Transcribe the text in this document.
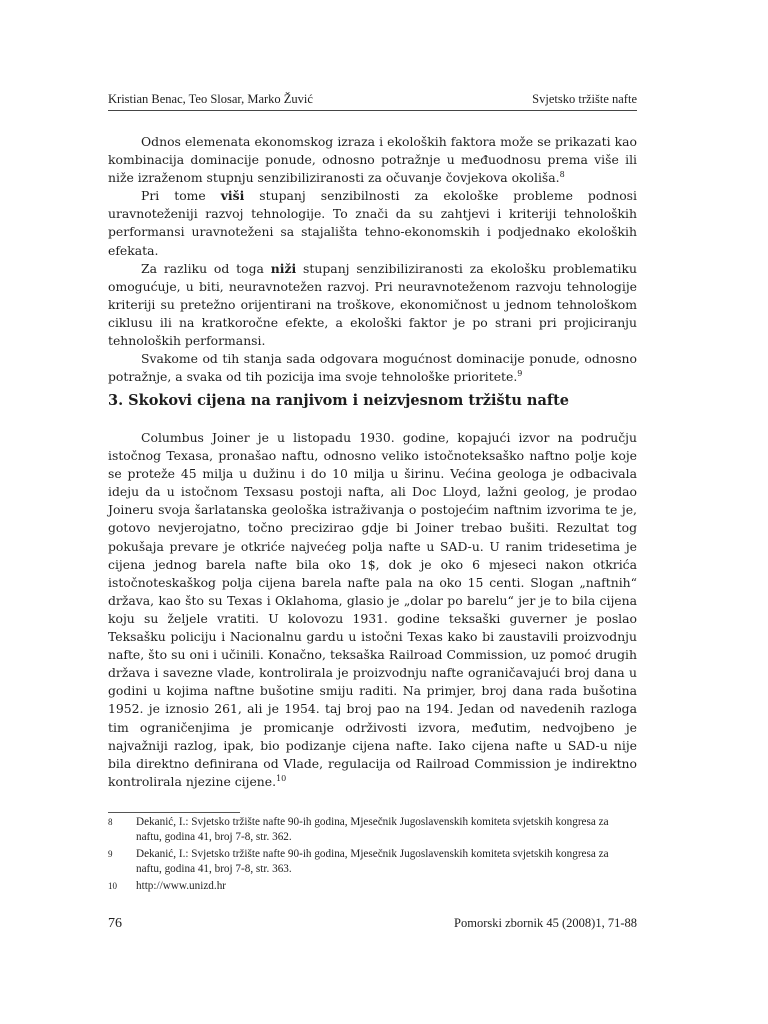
Kristian Benac, Teo Slosar, Marko Žuvić	Svjetsko tržište nafte

Odnos elemenata ekonomskog izraza i ekoloških faktora može se prikazati kao kombinacija dominacije ponude, odnosno potražnje u međuodnosu prema više ili niže izraženom stupnju senzibiliziranosti za očuvanje čovjekova okoliša.$^8$

Pri tome viši stupanj senzibilnosti za ekološke probleme podnosi uravnoteženiji razvoj tehnologije. To znači da su zahtjevi i kriteriji tehnoloških performansi uravnoteženi sa stajališta tehno-ekonomskih i podjednako ekoloških efekata.

Za razliku od toga niži stupanj senzibiliziranosti za ekološku problematiku omogućuje, u biti, neuravnotežen razvoj. Pri neuravnoteženom razvoju tehnologije kriteriji su pretežno orijentirani na troškove, ekonomičnost u jednom tehnološkom ciklusu ili na kratkoročne efekte, a ekološki faktor je po strani pri projiciranju tehnoloških performansi.

Svakome od tih stanja sada odgovara mogućnost dominacije ponude, odnosno potražnje, a svaka od tih pozicija ima svoje tehnološke prioritete.$^9$

3. Skokovi cijena na ranjivom i neizvjesnom tržištu nafte

Columbus Joiner je u listopadu 1930. godine, kopajući izvor na području istočnog Texasa, pronašao naftu, odnosno veliko istočnoteksaško naftno polje koje se proteže 45 milja u dužinu i do 10 milja u širinu. Većina geologa je odbacivala ideju da u istočnom Texsasu postoji nafta, ali Doc Lloyd, lažni geolog, je prodao Joineru svoja šarlatanska geološka istraživanja o postojećim naftnim izvorima te je, gotovo nevjerojatno, točno precizirao gdje bi Joiner trebao bušiti. Rezultat tog pokušaja prevare je otkriće najvećeg polja nafte u SAD-u. U ranim tridesetima je cijena jednog barela nafte bila oko 1$, dok je oko 6 mjeseci nakon otkrića istočnoteskaškog polja cijena barela nafte pala na oko 15 centi. Slogan „naftnih“ država, kao što su Texas i Oklahoma, glasio je „dolar po barelu“ jer je to bila cijena koju su željele vratiti. U kolovozu 1931. godine teksaški guverner je poslao Teksašku policiju i Nacionalnu gardu u istočni Texas kako bi zaustavili proizvodnju nafte, što su oni i učinili. Konačno, teksaška Railroad Commission, uz pomoć drugih država i savezne vlade, kontrolirala je proizvodnju nafte ograničavajući broj dana u godini u kojima naftne bušotine smiju raditi. Na primjer, broj dana rada bušotina 1952. je iznosio 261, ali je 1954. taj broj pao na 194. Jedan od navedenih razloga tim ograničenjima je promicanje održivosti izvora, međutim, nedvojbeno je najvažniji razlog, ipak, bio podizanje cijena nafte. Iako cijena nafte u SAD-u nije bila direktno definirana od Vlade, regulacija od Railroad Commission je indirektno kontrolirala njezine cijene.$^{10}$

8	Dekanić, I.: Svjetsko tržište nafte 90-ih godina, Mjesečnik Jugoslavenskih komiteta svjetskih kongresa za naftu, godina 41, broj 7-8, str. 362.
9	Dekanić, I.: Svjetsko tržište nafte 90-ih godina, Mjesečnik Jugoslavenskih komiteta svjetskih kongresa za naftu, godina 41, broj 7-8, str. 363.
10	http://www.unizd.hr
76	Pomorski zbornik 45 (2008)1, 71-88
